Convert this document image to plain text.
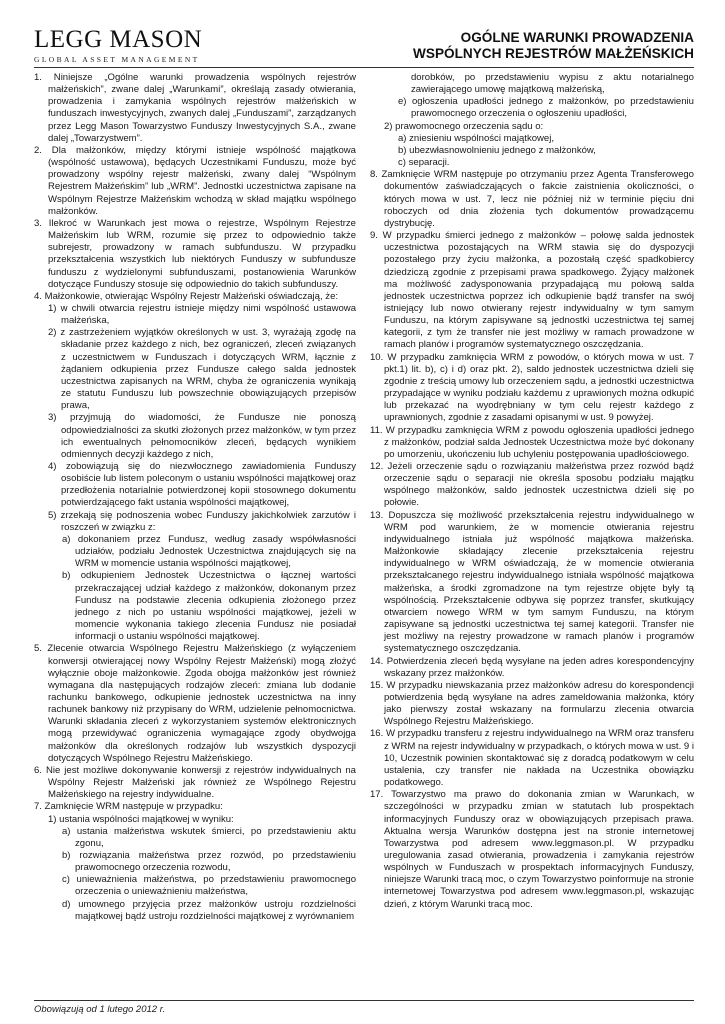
LEGG MASON
GLOBAL ASSET MANAGEMENT
OGÓLNE WARUNKI PROWADZENIA
WSPÓLNYCH REJESTRÓW MAŁŻEŃSKICH
1. Niniejsze „Ogólne warunki prowadzenia wspólnych rejestrów małżeńskich”, zwane dalej „Warunkami”, określają zasady otwierania, prowadzenia i zamykania wspólnych rejestrów małżeńskich w funduszach inwestycyjnych, zwanych dalej „Funduszami”, zarządzanych przez Legg Mason Towarzystwo Funduszy Inwestycyjnych S.A., zwane dalej „Towarzystwem”.
2. Dla małżonków, między którymi istnieje wspólność majątkowa (wspólność ustawowa), będących Uczestnikami Funduszu, może być prowadzony wspólny rejestr małżeński, zwany dalej “Wspólnym Rejestrem Małżeńskim” lub „WRM”. Jednostki uczestnictwa zapisane na Wspólnym Rejestrze Małżeńskim wchodzą w skład majątku wspólnego małżonków.
3. Ilekroć w Warunkach jest mowa o rejestrze, Wspólnym Rejestrze Małżeńskim lub WRM, rozumie się przez to odpowiednio także subrejestr, prowadzony w ramach subfunduszu. W przypadku przekształcenia wszystkich lub niektórych Funduszy w subfundusze funduszu z wydzielonymi subfunduszami, postanowienia Warunków dotyczące Funduszy stosuje się odpowiednio do takich subfunduszy.
4. Małżonkowie, otwierając Wspólny Rejestr Małżeński oświadczają, że:
1) w chwili otwarcia rejestru istnieje między nimi wspólność ustawowa małżeńska,
2) z zastrzeżeniem wyjątków określonych w ust. 3, wyrażają zgodę na składanie przez każdego z nich, bez ograniczeń, zleceń związanych z uczestnictwem w Funduszach i dotyczących WRM, łącznie z żądaniem odkupienia przez Fundusze całego salda jednostek uczestnictwa zapisanych na WRM, chyba że ograniczenia wynikają ze statutu Funduszu lub powszechnie obowiązujących przepisów prawa,
3) przyjmują do wiadomości, że Fundusze nie ponoszą odpowiedzialności za skutki złożonych przez małżonków, w tym przez ich ewentualnych pełnomocników zleceń, będących wynikiem odmiennych decyzji każdego z nich,
4) zobowiązują się do niezwłocznego zawiadomienia Funduszy osobiście lub listem poleconym o ustaniu wspólności majątkowej oraz przedłożenia notarialnie potwierdzonej kopii stosownego dokumentu potwierdzającego fakt ustania wspólności majątkowej,
5) zrzekają się podnoszenia wobec Funduszy jakichkolwiek zarzutów i roszczeń w związku z:
a) dokonaniem przez Fundusz, według zasady współwłasności udziałów, podziału Jednostek Uczestnictwa znajdujących się na WRM w momencie ustania wspólności majątkowej,
b) odkupieniem Jednostek Uczestnictwa o łącznej wartości przekraczającej udział każdego z małżonków, dokonanym przez Fundusz na podstawie zlecenia odkupienia złożonego przez jednego z nich po ustaniu wspólności majątkowej, jeżeli w momencie wykonania takiego zlecenia Fundusz nie posiadał informacji o ustaniu wspólności majątkowej.
5. Zlecenie otwarcia Wspólnego Rejestru Małżeńskiego (z wyłączeniem konwersji otwierającej nowy Wspólny Rejestr Małżeński) mogą złożyć wyłącznie oboje małżonkowie. Zgoda obojga małżonków jest również wymagana dla następujących rodzajów zleceń: zmiana lub dodanie rachunku bankowego, odkupienie jednostek uczestnictwa na inny rachunek bankowy niż przypisany do WRM, udzielenie pełnomocnictwa. Warunki składania zleceń z wykorzystaniem systemów elektronicznych mogą przewidywać ograniczenia wymagające zgody obydwojga małżonków dla określonych rodzajów lub wszystkich dyspozycji dotyczących Wspólnego Rejestru Małżeńskiego.
6. Nie jest możliwe dokonywanie konwersji z rejestrów indywidualnych na Wspólny Rejestr Małżeński jak również ze Wspólnego Rejestru Małżeńskiego na rejestry indywidualne.
7. Zamknięcie WRM następuje w przypadku:
1) ustania wspólności majątkowej w wyniku:
a) ustania małżeństwa wskutek śmierci, po przedstawieniu aktu zgonu,
b) rozwiązania małżeństwa przez rozwód, po przedstawieniu prawomocnego orzeczenia rozwodu,
c) unieważnienia małżeństwa, po przedstawieniu prawomocnego orzeczenia o unieważnieniu małżeństwa,
d) umownego przyjęcia przez małżonków ustroju rozdzielności majątkowej bądź ustroju rozdzielności majątkowej z wyrównaniem
dorobków, po przedstawieniu wypisu z aktu notarialnego zawierającego umowę majątkową małżeńską,
e) ogłoszenia upadłości jednego z małżonków, po przedstawieniu prawomocnego orzeczenia o ogłoszeniu upadłości,
2) prawomocnego orzeczenia sądu o:
a) zniesieniu wspólności majątkowej,
b) ubezwłasnowolnieniu jednego z małżonków,
c) separacji.
8. Zamknięcie WRM następuje po otrzymaniu przez Agenta Transferowego dokumentów zaświadczających o fakcie zaistnienia okoliczności, o których mowa w ust. 7, lecz nie później niż w terminie pięciu dni roboczych od dnia złożenia tych dokumentów prowadzącemu dystrybucję.
9. W przypadku śmierci jednego z małżonków – połowę salda jednostek uczestnictwa pozostających na WRM stawia się do dyspozycji pozostałego przy życiu małżonka, a pozostałą część spadkobiercy dziedziczą zgodnie z przepisami prawa spadkowego. Żyjący małżonek ma możliwość zadysponowania przypadającą mu połową salda jednostek uczestnictwa poprzez ich odkupienie bądź transfer na swój istniejący lub nowo otwierany rejestr indywidualny w tym samym Funduszu, na którym zapisywane są jednostki uczestnictwa tej samej kategorii, z tym że transfer nie jest możliwy w ramach prowadzone w ramach planów i programów systematycznego oszczędzania.
10. W przypadku zamknięcia WRM z powodów, o których mowa w ust. 7 pkt.1) lit. b), c) i d) oraz pkt. 2), saldo jednostek uczestnictwa dzieli się zgodnie z treścią umowy lub orzeczeniem sądu, a jednostki uczestnictwa przypadające w wyniku podziału każdemu z uprawionych można odkupić lub przekazać na wyodrębniany w tym celu rejestr każdego z uprawnionych, zgodnie z zasadami opisanymi w ust. 9 powyżej.
11. W przypadku zamknięcia WRM z powodu ogłoszenia upadłości jednego z małżonków, podział salda Jednostek Uczestnictwa może być dokonany po umorzeniu, ukończeniu lub uchyleniu postępowania upadłościowego.
12. Jeżeli orzeczenie sądu o rozwiązaniu małżeństwa przez rozwód bądź orzeczenie sądu o separacji nie określa sposobu podziału majątku wspólnego małżonków, saldo jednostek uczestnictwa dzieli się po połowie.
13. Dopuszcza się możliwość przekształcenia rejestru indywidualnego w WRM pod warunkiem, że w momencie otwierania rejestru indywidualnego istniała już wspólność majątkowa małżeńska. Małżonkowie składający zlecenie przekształcenia rejestru indywidualnego w WRM oświadczają, że w momencie otwierania przekształcanego rejestru indywidualnego istniała wspólność majątkowa małżeńska, a środki zgromadzone na tym rejestrze objęte były tą wspólnością. Przekształcenie odbywa się poprzez transfer, skutkujący otwarciem nowego WRM w tym samym Funduszu, na którym zapisywane są jednostki uczestnictwa tej samej kategorii. Transfer nie jest możliwy na rejestry prowadzone w ramach planów i programów systematycznego oszczędzania.
14. Potwierdzenia zleceń będą wysyłane na jeden adres korespondencyjny wskazany przez małżonków.
15. W przypadku niewskazania przez małżonków adresu do korespondencji potwierdzenia będą wysyłane na adres zameldowania małżonka, który jako pierwszy został wskazany na formularzu zlecenia otwarcia Wspólnego Rejestru Małżeńskiego.
16. W przypadku transferu z rejestru indywidualnego na WRM oraz transferu z WRM na rejestr indywidualny w przypadkach, o których mowa w ust. 9 i 10, Uczestnik powinien skontaktować się z doradcą podatkowym w celu ustalenia, czy transfer nie nakłada na Uczestnika obowiązku podatkowego.
17. Towarzystwo ma prawo do dokonania zmian w Warunkach, w szczególności w przypadku zmian w statutach lub prospektach informacyjnych Funduszy oraz w obowiązujących przepisach prawa. Aktualna wersja Warunków dostępna jest na stronie internetowej Towarzystwa pod adresem www.leggmason.pl. W przypadku uregulowania zasad otwierania, prowadzenia i zamykania rejestrów wspólnych w Funduszach w prospektach informacyjnych Funduszy, niniejsze Warunki tracą moc, o czym Towarzystwo poinformuje na stronie internetowej Towarzystwa pod adresem www.leggmason.pl, wskazując dzień, z którym Warunki tracą moc.
Obowiązują od 1 lutego 2012 r.
